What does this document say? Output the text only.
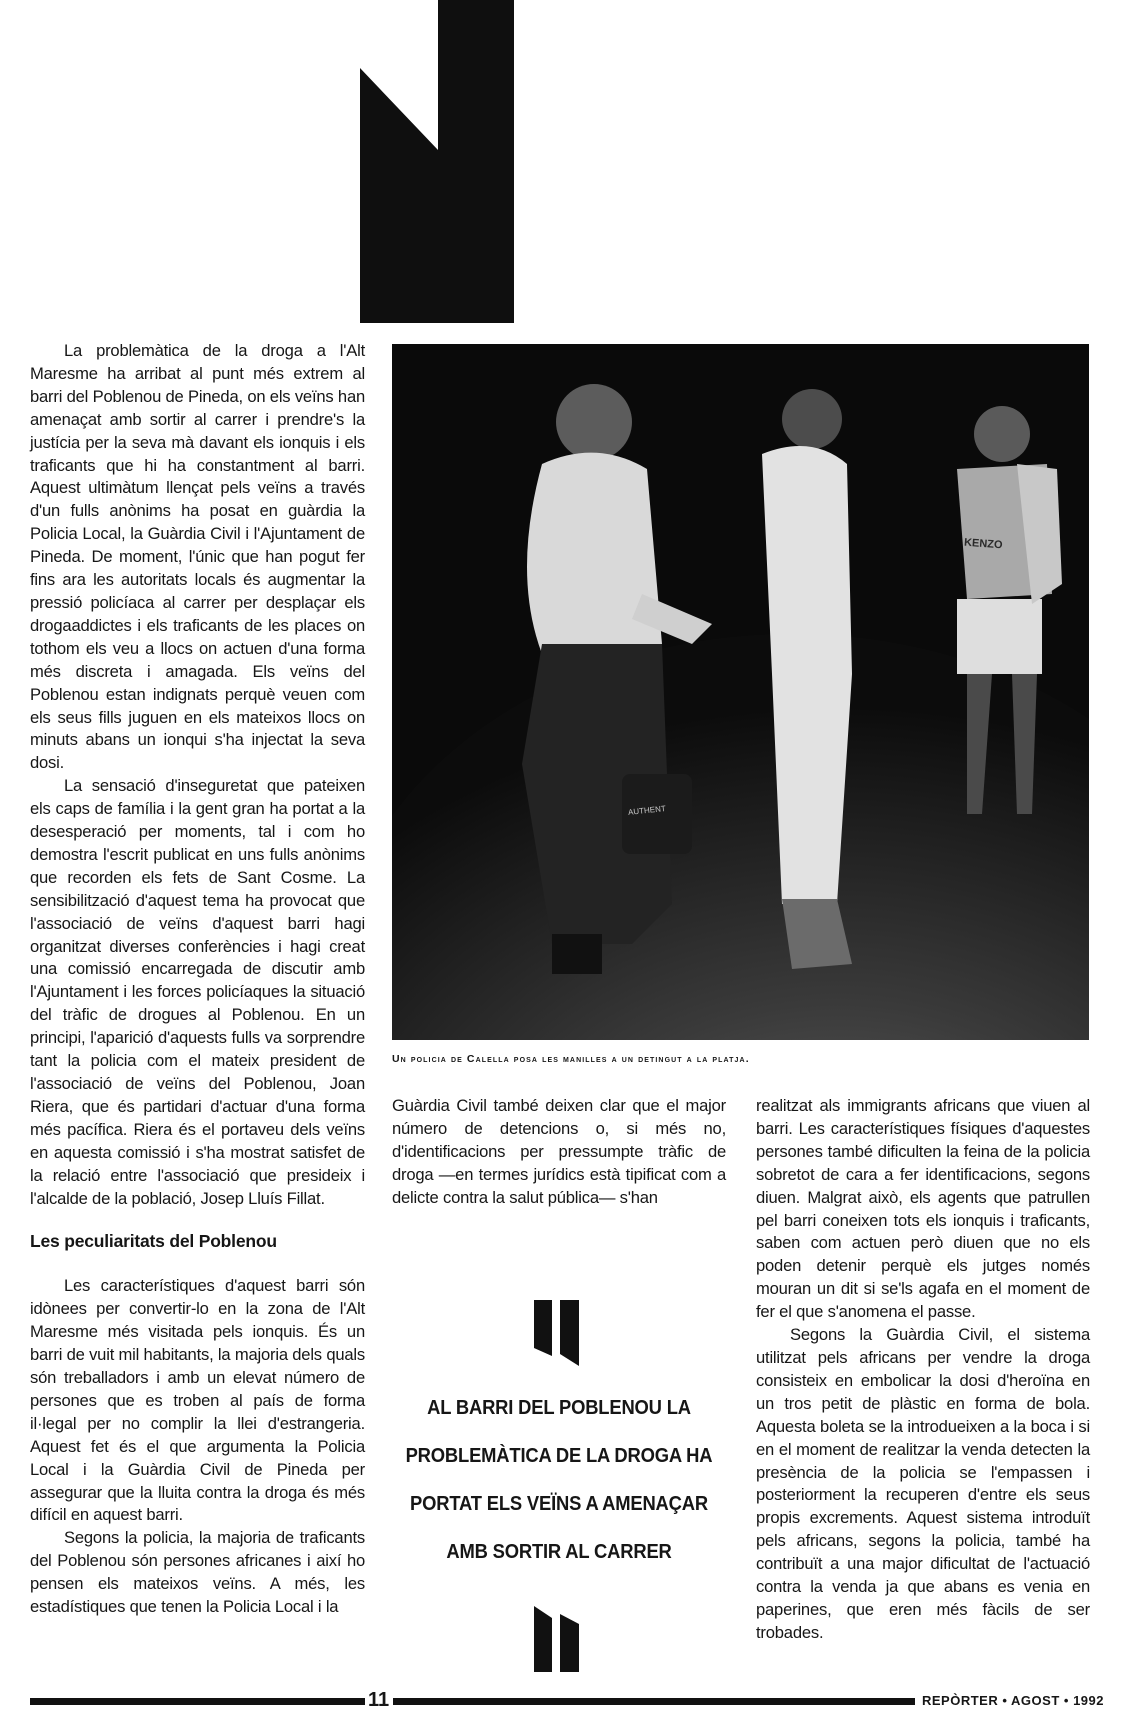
La problemàtica de la droga a l'Alt Maresme ha arribat al punt més extrem al barri del Poblenou de Pineda, on els veïns han amenaçat amb sortir al carrer i prendre's la justícia per la seva mà davant els ionquis i els traficants que hi ha constantment al barri. Aquest ultimàtum llençat pels veïns a través d'un fulls anònims ha posat en guàrdia la Policia Local, la Guàrdia Civil i l'Ajuntament de Pineda. De moment, l'únic que han pogut fer fins ara les autoritats locals és augmentar la pressió policíaca al carrer per desplaçar els drogaaddictes i els traficants de les places on tothom els veu a llocs on actuen d'una forma més discreta i amagada. Els veïns del Poblenou estan indignats perquè veuen com els seus fills juguen en els mateixos llocs on minuts abans un ionqui s'ha injectat la seva dosi.

La sensació d'inseguretat que pateixen els caps de família i la gent gran ha portat a la desesperació per moments, tal i com ho demostra l'escrit publicat en uns fulls anònims que recorden els fets de Sant Cosme. La sensibilització d'aquest tema ha provocat que l'associació de veïns d'aquest barri hagi organitzat diverses conferències i hagi creat una comissió encarregada de discutir amb l'Ajuntament i les forces policíaques la situació del tràfic de drogues al Poblenou. En un principi, l'aparició d'aquests fulls va sorprendre tant la policia com el mateix president de l'associació de veïns del Poblenou, Joan Riera, que és partidari d'actuar d'una forma més pacífica. Riera és el portaveu dels veïns en aquesta comissió i s'ha mostrat satisfet de la relació entre l'associació que presideix i l'alcalde de la població, Josep Lluís Fillat.

Les peculiaritats del Poblenou

Les característiques d'aquest barri són idònees per convertir-lo en la zona de l'Alt Maresme més visitada pels ionquis. És un barri de vuit mil habitants, la majoria dels quals són treballadors i amb un elevat número de persones que es troben al país de forma il·legal per no complir la llei d'estrangeria. Aquest fet és el que argumenta la Policia Local i la Guàrdia Civil de Pineda per assegurar que la lluita contra la droga és més difícil en aquest barri.

Segons la policia, la majoria de traficants del Poblenou són persones africanes i així ho pensen els mateixos veïns. A més, les estadístiques que tenen la Policia Local i la

KENZO
AUTHENT
Un policia de Calella posa les manilles a un detingut a la platja.

Guàrdia Civil també deixen clar que el major número de detencions o, si més no, d'identificacions per pressumpte tràfic de droga —en termes jurídics està tipificat com a delicte contra la salut pública— s'han

AL BARRI DEL POBLENOU LA
PROBLEMÀTICA DE LA DROGA HA
PORTAT ELS VEÏNS A AMENAÇAR
AMB SORTIR AL CARRER

realitzat als immigrants africans que viuen al barri. Les característiques físiques d'aquestes persones també dificulten la feina de la policia sobretot de cara a fer identificacions, segons diuen. Malgrat això, els agents que patrullen pel barri coneixen tots els ionquis i traficants, saben com actuen però diuen que no els poden detenir perquè els jutges només mouran un dit si se'ls agafa en el moment de fer el que s'anomena el passe.

Segons la Guàrdia Civil, el sistema utilitzat pels africans per vendre la droga consisteix en embolicar la dosi d'heroïna en un tros petit de plàstic en forma de bola. Aquesta boleta se la introdueixen a la boca i si en el moment de realitzar la venda detecten la presència de la policia se l'empassen i posteriorment la recuperen d'entre els seus propis excrements. Aquest sistema introduït pels africans, segons la policia, també ha contribuït a una major dificultat de l'actuació contra la venda ja que abans es venia en paperines, que eren més fàcils de ser trobades.

11	REPÒRTER • AGOST • 1992
